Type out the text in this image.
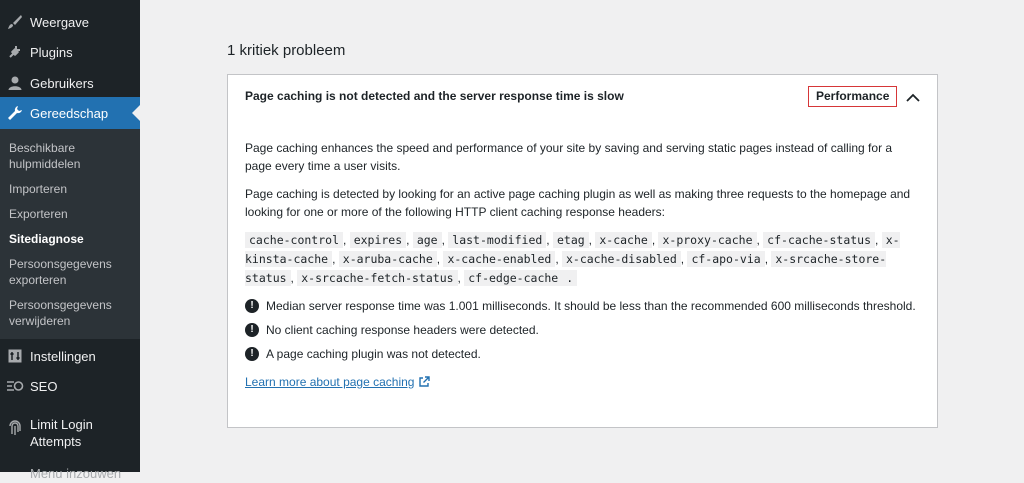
Weergave
Plugins
Gebruikers
Gereedschap
Beschikbare hulpmiddelen
Importeren
Exporteren
Sitediagnose
Persoonsgegevens exporteren
Persoonsgegevens verwijderen
Instellingen
SEO
Limit Login Attempts
Menu inzouwen
1 kritiek probleem
Page caching is not detected and the server response time is slow	Performance

Page caching enhances the speed and performance of your site by saving and serving static pages instead of calling for a page every time a user visits.

Page caching is detected by looking for an active page caching plugin as well as making three requests to the homepage and looking for one or more of the following HTTP client caching response headers:

cache-control , expires , age , last-modified , etag , x-cache , x-proxy-cache , cf-cache-status , x-kinsta-cache , x-aruba-cache , x-cache-enabled , x-cache-disabled , cf-apo-via , x-srcache-store-status , x-srcache-fetch-status , cf-edge-cache .

!	Median server response time was 1.001 milliseconds. It should be less than the recommended 600 milliseconds threshold.
!	No client caching response headers were detected.
!	A page caching plugin was not detected.
Learn more about page caching
